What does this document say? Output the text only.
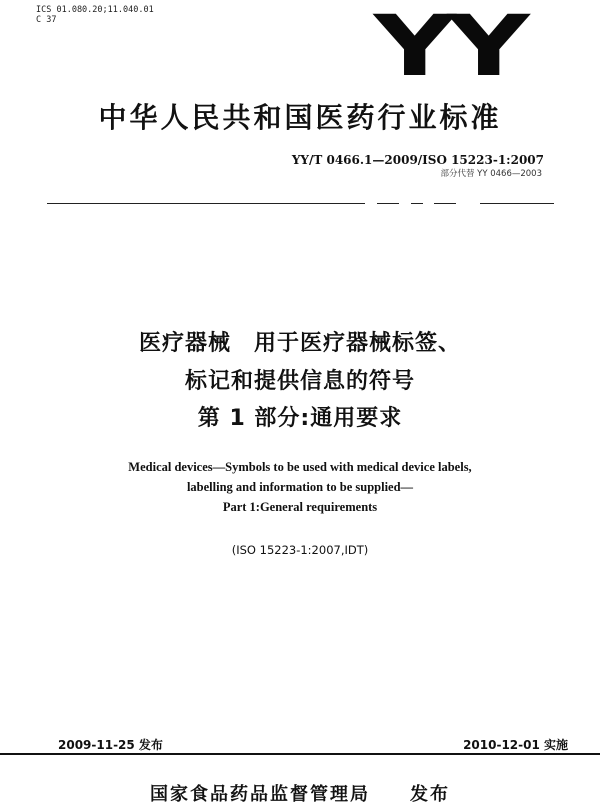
ICS 01.080.20;11.040.01
C 37	YY
中华人民共和国医药行业标准
YY/T 0466.1—2009/ISO 15223-1:2007
部分代替 YY 0466—2003
医疗器械　用于医疗器械标签、
标记和提供信息的符号
第 1 部分:通用要求
Medical devices—Symbols to be used with medical device labels,
labelling and information to be supplied—
Part 1:General requirements
(ISO 15223-1:2007,IDT)
2009-11-25 发布	2010-12-01 实施
国家食品药品监督管理局　　发布
